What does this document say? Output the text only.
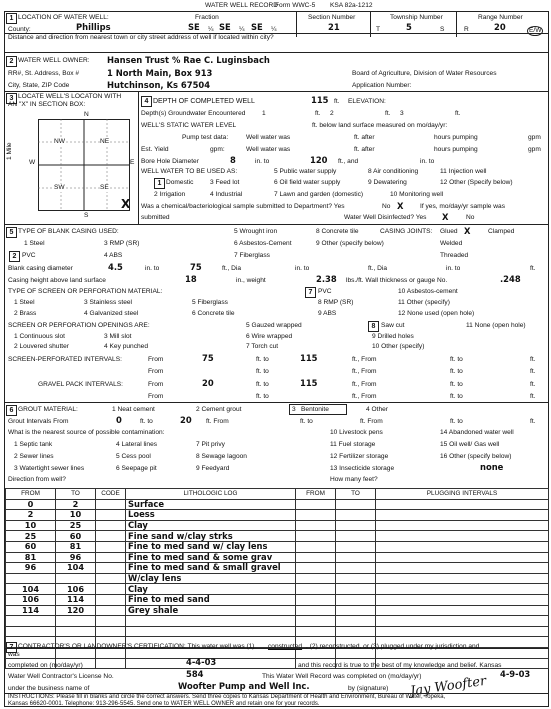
WATER WELL RECORD
Form WWC-5 KSA 82a-1212
1 LOCATION OF WATER WELL:
County:	Phillips
Fraction
SE ¼ SE ¼ SE ¼
Section Number
21
Township Number
T	5	S
Range Number
R	20	E/W
Distance and direction from nearest town or city street address of well if located within city?
2 WATER WELL OWNER: Hansen Trust % Rae C. Luginsbach
RR#, St. Address, Box #	1 North Main, Box 913
City, State, ZIP Code	Hutchinson, Ks 67504
Board of Agriculture, Division of Water Resources
Application Number:
3 LOCATE WELL'S LOCATON WITH
AN "X" IN SECTION BOX:
N
S
W	E
1 Mile
NW	NE
SW	SE
X
4 DEPTH OF COMPLETED WELL	115 ft. ELEVATION:
Depth(s) Groundwater Encountered	1	ft. 2	ft. 3	ft.
WELL'S STATIC WATER LEVEL	ft. below land surface measured on mo/day/yr:
Pump test data:	Well water was	ft. after	hours pumping	gpm
Est. Yield	gpm:	Well water was	ft. after	hours pumping	gpm
Bore Hole Diameter	8	in. to	120 ft., and	in. to
WELL WATER TO BE USED AS:	5 Public water supply	8 Air conditioning	11 Injection well
1 Domestic	3 Feed lot	6 Oil field water supply	9 Dewatering	12 Other (Specify below)
2 Irrigation	4 Industrial	7 Lawn and garden (domestic)	10 Monitoring well
Was a chemical/bacteriological sample submitted to Department? Yes	No X	If yes, mo/day/yr sample was
submitted	Water Well Disinfected? Yes X	No
5 TYPE OF BLANK CASING USED:	5 Wrought iron	8 Concrete tile	CASING JOINTS: Glued X	Clamped
1 Steel	3 RMP (SR)	6 Asbestos-Cement	9 Other (specify below)	Welded
2 PVC	4 ABS	7 Fiberglass	Threaded
Blank casing diameter	4.5	in. to	75	ft., Dia	in. to	ft., Dia	in. to	ft.
Casing height above land surface	18	in., weight	2.38 lbs./ft. Wall thickness or gauge No.	.248
TYPE OF SCREEN OR PERFORATION MATERIAL:	7 PVC	10 Asbestos-cement
1 Steel	3 Stainless steel	5 Fiberglass	8 RMP (SR)	11 Other (specify)
2 Brass	4 Galvanized steel	6 Concrete tile	9 ABS	12 None used (open hole)
SCREEN OR PERFORATION OPENINGS ARE:	5 Gauzed wrapped	8 Saw cut	11 None (open hole)
1 Continuous slot	3 Mill slot	6 Wire wrapped	9 Drilled holes
2 Louvered shutter	4 Key punched	7 Torch cut	10 Other (specify)
SCREEN-PERFORATED INTERVALS:	From	75	ft. to	115	ft., From	ft. to	ft.
From	ft. to	ft., From	ft. to	ft.
GRAVEL PACK INTERVALS:	From	20	ft. to	115	ft., From	ft. to	ft.
From	ft. to	ft., From	ft. to	ft.
6 GROUT MATERIAL:	1 Neat cement	2 Cement grout	3 Bentonite	4 Other
Grout Intervals From	0	ft. to	20 ft. From	ft. to	ft. From	ft. to	ft.
What is the nearest source of possible contamination:	10 Livestock pens	14 Abandoned water well
1 Septic tank	4 Lateral lines	7 Pit privy	11 Fuel storage	15 Oil well/ Gas well
2 Sewer lines	5 Cess pool	8 Sewage lagoon	12 Fertilizer storage	16 Other (specify below)
3 Watertight sewer lines	6 Seepage pit	9 Feedyard	13 Insecticide storage	none
Direction from well?	How many feet?
FROM	TO	CODE	LITHOLOGIC LOG	FROM	TO	PLUGGING INTERVALS
0	2		Surface			
2	10		Loess			
10	25		Clay			
25	60		Fine sand w/clay strks			
60	81		Fine to med sand w/ clay lens			
81	96		Fine to med sand & some grav			
96	104		Fine to med sand & small gravel			
			W/clay lens			
104	106		Clay			
106	114		Fine to med sand			
114	120		Grey shale			

7 CONTRACTOR'S OR LANDOWNER'S CERTIFICATION: This water well was (1) constructed , (2) reconstructed, or (3) plugged under my jurisdiction and
was
completed on (mo/day/yr)	4-4-03	and this record is true to the best of my knowledge and belief. Kansas
Water Well Contractor's License No.	584	This Water Well Record was completed on (mo/day/yr)	4-9-03
under the business name of	Woofter Pump and Well Inc.	by (signature) Jay Woofter
INSTRUCTIONS: Please fill in blanks and circle the correct answers. Send three copies to Kansas Department of Health and Environment, Bureau of Water, Topeka,
Kansas 66620-0001. Telephone: 913-296-5545. Send one to WATER WELL OWNER and retain one for your records.
